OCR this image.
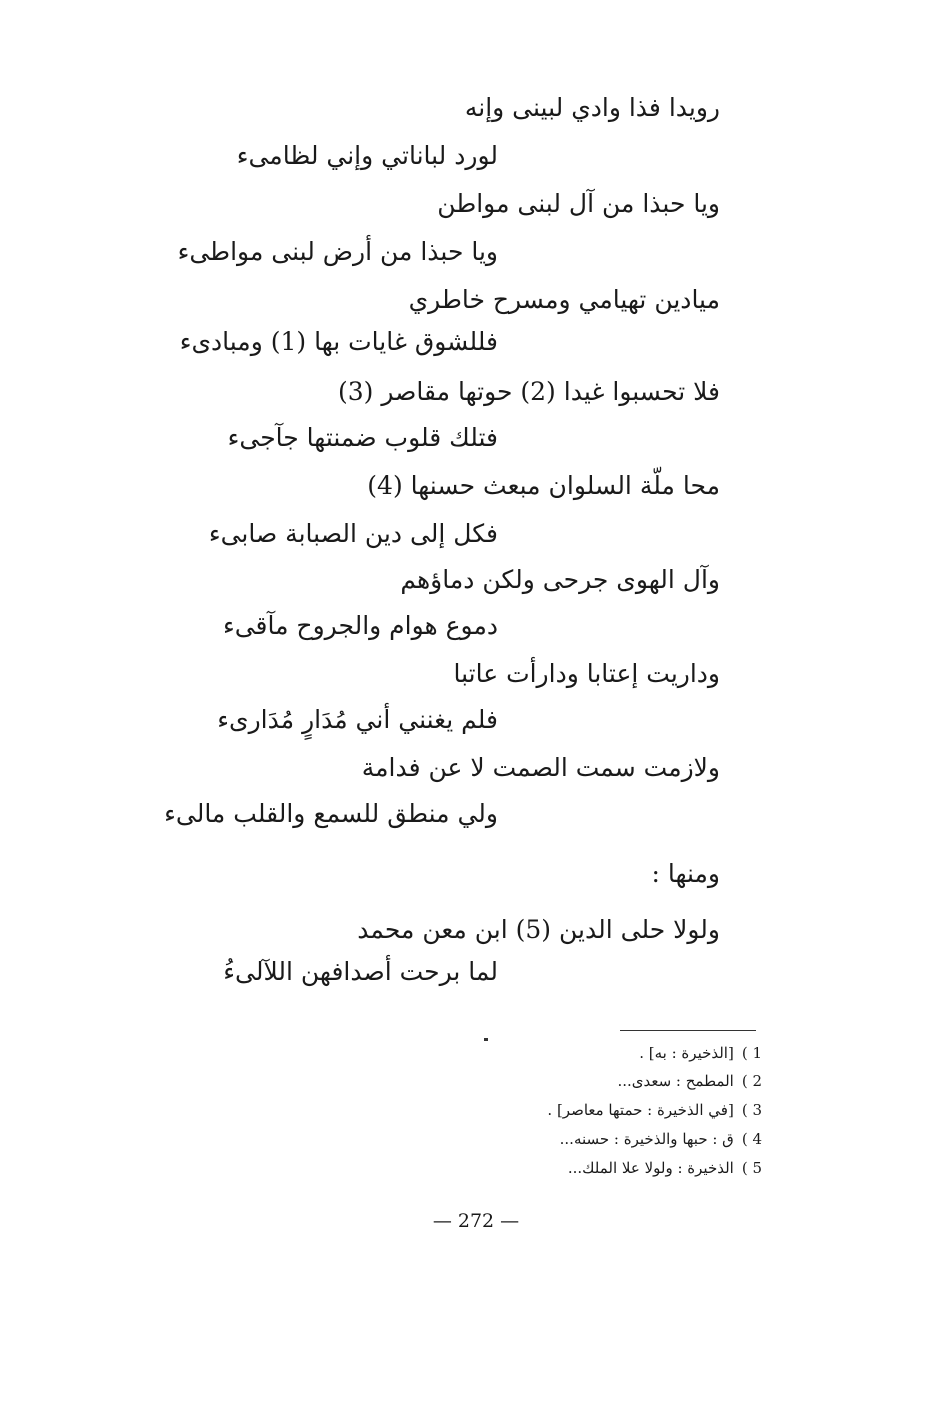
رويدا فذا وادي لبينى وإنه
لورد لباناتي وإني لظامىء
ويا حبذا من آل لبنى مواطن
ويا حبذا من أرض لبنى مواطىء
ميادين تهيامي ومسرح خاطري
فللشوق غايات بها (1) ومبادىء
فلا تحسبوا غيدا (2) حوتها مقاصر (3)
فتلك قلوب ضمنتها جآجىء
محا ملّة السلوان مبعث حسنها (4)
فكل إلى دين الصبابة صابىء
وآل الهوى جرحى ولكن دماؤهم
دموع هوام والجروح مآقىء
وداريت إعتابا ودارأت عاتبا
فلم يغنني أني مُدَارٍ مُدَارىء
ولازمت سمت الصمت لا عن فدامة
ولي منطق للسمع والقلب مالىء
ومنها :
ولولا حلى الدين (5) ابن معن محمد
لما برحت أصدافهن اللآلىءُ
1 )[الذخيرة : به] .
2 )المطمح : سعدى...
3 )[في الذخيرة : حمتها معاصر] .
4 )ق : حبها والذخيرة : حسنه...
5 )الذخيرة : ولولا علا الملك...
— 272 —
